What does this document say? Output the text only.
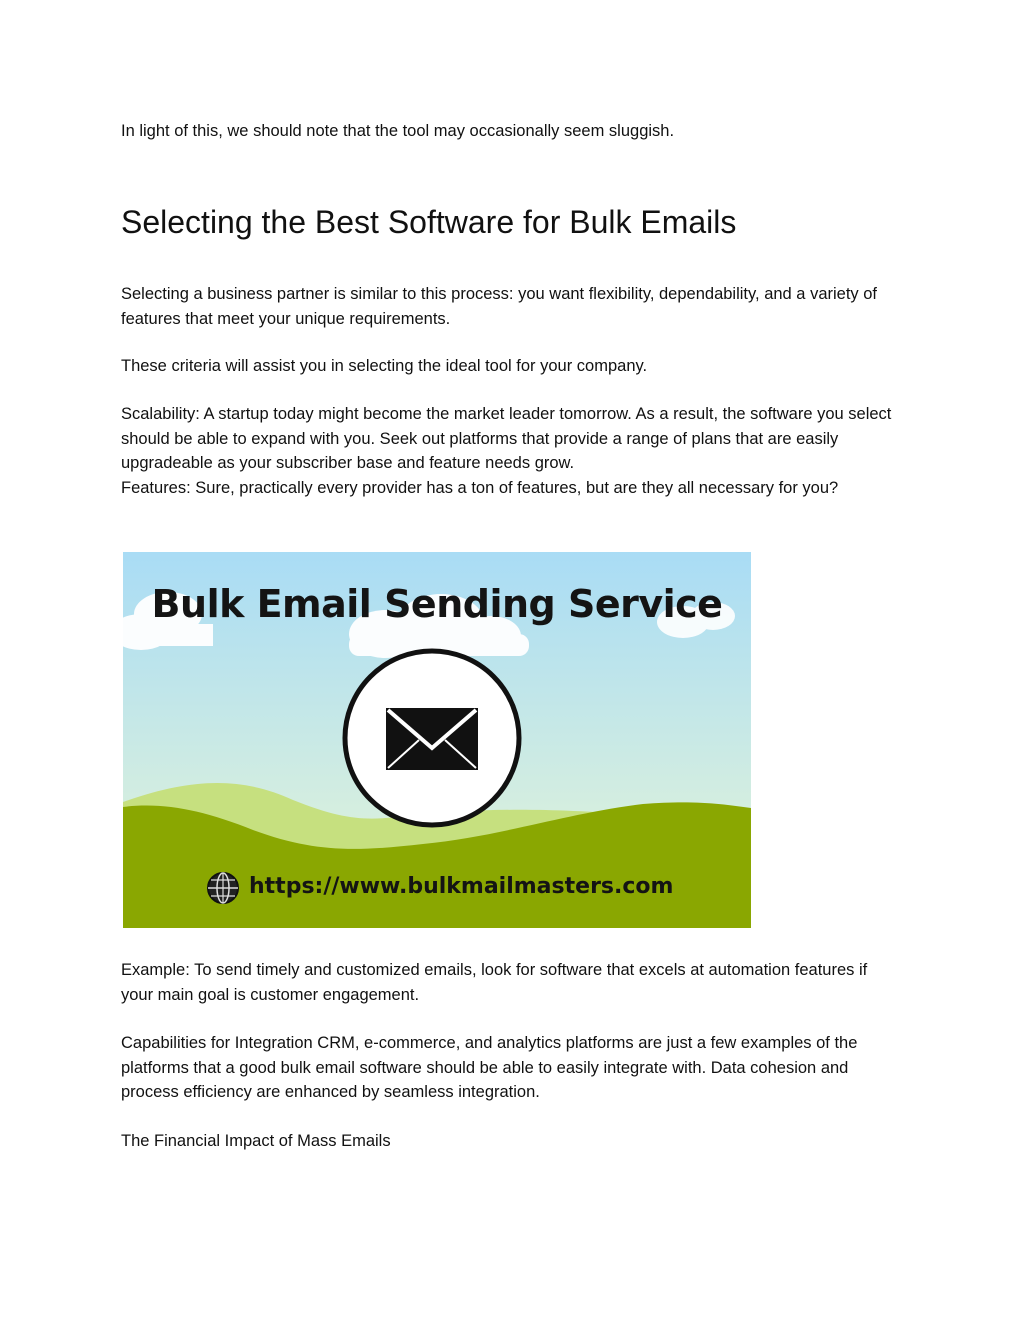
In light of this, we should note that the tool may occasionally seem sluggish.

Selecting the Best Software for Bulk Emails

Selecting a business partner is similar to this process: you want flexibility, dependability, and a variety of features that meet your unique requirements.

These criteria will assist you in selecting the ideal tool for your company.

Scalability: A startup today might become the market leader tomorrow. As a result, the software you select should be able to expand with you. Seek out platforms that provide a range of plans that are easily upgradeable as your subscriber base and feature needs grow.

Features: Sure, practically every provider has a ton of features, but are they all necessary for you?

Bulk Email Sending Service
https://www.bulkmailmasters.com

Example: To send timely and customized emails, look for software that excels at automation features if your main goal is customer engagement.

Capabilities for Integration CRM, e-commerce, and analytics platforms are just a few examples of the platforms that a good bulk email software should be able to easily integrate with. Data cohesion and process efficiency are enhanced by seamless integration.

The Financial Impact of Mass Emails
